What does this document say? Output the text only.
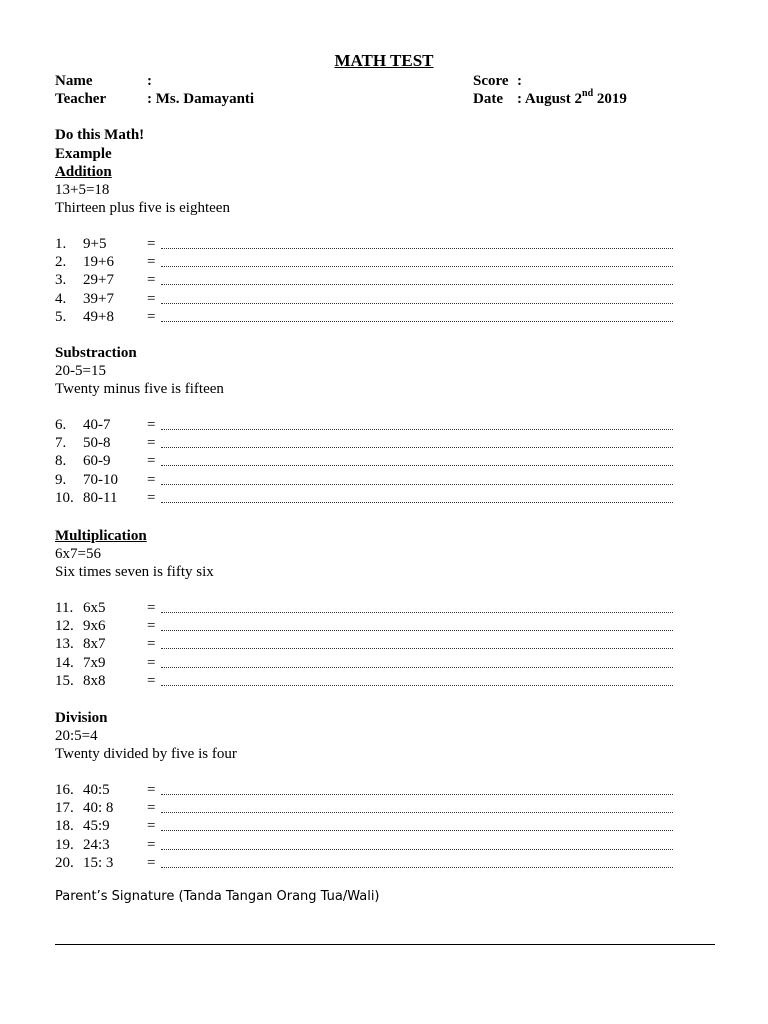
MATH TEST
Name	:
Teacher	: Ms. Damayanti
Score :
Date : August 2nd 2019
Do this Math!
Example
Addition
13+5=18
Thirteen plus five is eighteen
1. 9+5	=
2. 19+6 =
3. 29+7 =
4. 39+7 =
5. 49+8 =
Substraction
20-5=15
Twenty minus five is fifteen
6. 40-7 =
7. 50-8 =
8. 60-9 =
9. 70-10 =
10. 80-11 =
Multiplication
6x7=56
Six times seven is fifty six
11. 6x5	=
12. 9x6	=
13. 8x7	=
14. 7x9	=
15. 8x8	=
Division
20:5=4
Twenty divided by five is four
16. 40:5 =
17. 40: 8 =
18. 45:9 =
19. 24:3 =
20. 15: 3 =
Parent’s Signature (Tanda Tangan Orang Tua/Wali)
